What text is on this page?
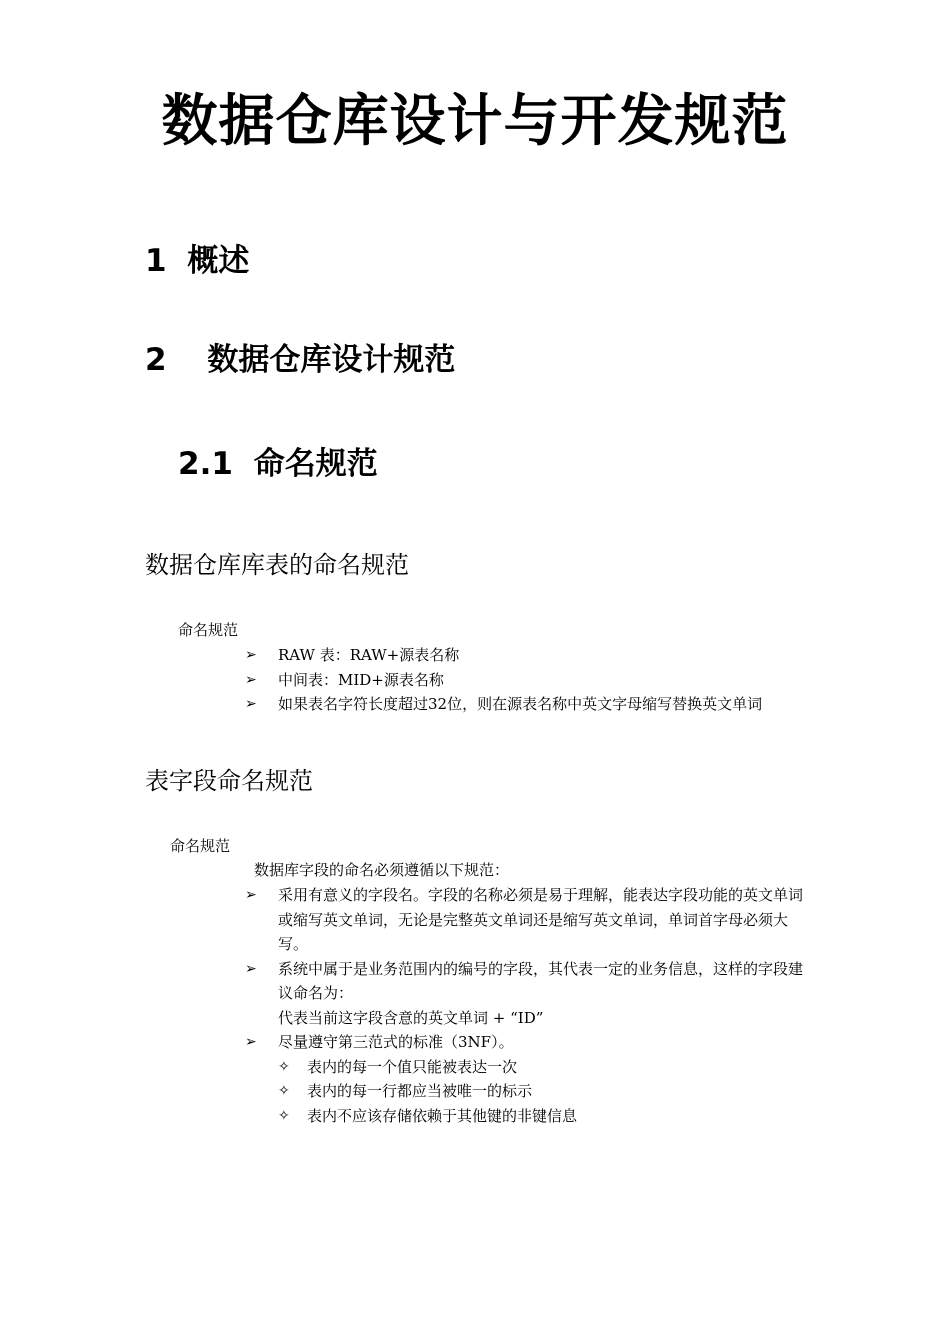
数据仓库设计与开发规范
1 概述
2 数据仓库设计规范
2.1 命名规范
数据仓库库表的命名规范
命名规范
➢ RAW 表：RAW+源表名称
➢ 中间表：MID+源表名称
➢ 如果表名字符长度超过32位，则在源表名称中英文字母缩写替换英文单词
表字段命名规范
命名规范
数据库字段的命名必须遵循以下规范：
➢ 采用有意义的字段名。字段的名称必须是易于理解，能表达字段功能的英文单词或缩写英文单词，无论是完整英文单词还是缩写英文单词，单词首字母必须大写。
➢ 系统中属于是业务范围内的编号的字段，其代表一定的业务信息，这样的字段建议命名为：
代表当前这字段含意的英文单词 + “ID”
➢ 尽量遵守第三范式的标准（3NF）。
✧ 表内的每一个值只能被表达一次
✧ 表内的每一行都应当被唯一的标示
✧ 表内不应该存储依赖于其他键的非键信息
